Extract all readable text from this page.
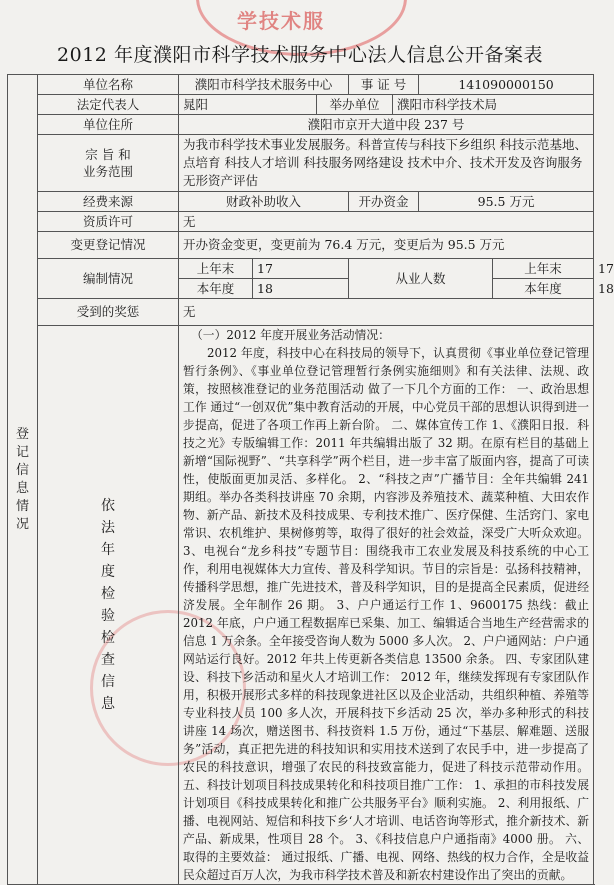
学技术服
2012 年度濮阳市科学技术服务中心法人信息公开备案表
登记信息情况	单位名称	濮阳市科学技术服务中心			事 证 号		141090000150		
	法定代表人	晁阳		举办单位		濮阳市科学技术局			
	单位住所	濮阳市京开大道中段 237 号							

	宗 旨 和
业务范围	为我市科学技术事业发展服务。科普宣传与科技下乡组织 科技示范基地、点培育 科技人才培训 科技服务网络建设 技术中介、技术开发及咨询服务 无形资产评估							
	经费来源	财政补助收入			开办资金		95.5 万元		
	资质许可	无							
	变更登记情况	开办资金变更，变更前为 76.4 万元，变更后为 95.5 万元							
	编制情况	上年末	17		从业人数			上年末	17
		本年度	18					本年度	18
	受到的奖惩	无							

	依法年度检验检查信息	（一）2012 年度开展业务活动情况：

2012 年度，科技中心在科技局的领导下，认真贯彻《事业单位登记管理暂行条例》、《事业单位登记管理暂行条例实施细则》和有关法律、法规、政策，按照核准登记的业务范围活动 做了一下几个方面的工作： 一、政治思想工作 通过“一创双优”集中教育活动的开展，中心党员干部的思想认识得到进一步提高，促进了各项工作再上新台阶。 二、媒体宣传工作 1、《濮阳日报．科技之光》专版编辑工作：2011 年共编辑出版了 32 期。在原有栏目的基础上新增“国际视野”、“共享科学”两个栏目，进一步丰富了版面内容，提高了可读性，使版面更加灵活、多样化。 2、“科技之声”广播节目：全年共编辑 241 期组。举办各类科技讲座 70 余期，内容涉及养殖技术、蔬菜种植、大田农作物、新产品、新技术及科技成果、专利技术推广、医疗保健、生活窍门、家电常识、农机维护、果树修剪等，取得了很好的社会效益，深受广大听众欢迎。 3、电视台“龙乡科技”专题节目：围绕我市工农业发展及科技系统的中心工作，利用电视媒体大力宣传、普及科学知识。节目的宗旨是：弘扬科技精神，传播科学思想，推广先进技术，普及科学知识，目的是提高全民素质，促进经济发展。全年制作 26 期。 3、户户通运行工作 1、9600175 热线：截止 2012 年底，户户通工程数据库已采集、加工、编辑适合当地生产经营需求的信息 1 万余条。全年接受咨询人数为 5000 多人次。 2、户户通网站：户户通网站运行良好。2012 年共上传更新各类信息 13500 余条。 四、专家团队建设、科技下乡活动和星火人才培训工作： 2012 年，继续发挥现有专家团队作用，积极开展形式多样的科技现象进社区以及企业活动，共组织种植、养殖等专业科技人员 100 多人次，开展科技下乡活动 25 次，举办多种形式的科技讲座 14 场次，赠送图书、科技资料 1.5 万份，通过“下基层、解难题、送服务”活动，真正把先进的科技知识和实用技术送到了农民手中，进一步提高了农民的科技意识，增强了农民的科技致富能力，促进了科技示范带动作用。 五、科技计划项目科技成果转化和科技项目推广工作： 1、承担的市科技发展计划项目《科技成果转化和推广公共服务平台》顺利实施。 2、利用报纸、广播、电视网站、短信和科技下乡‘人才培训、电话咨询等形式，推介新技术、新产品、新成果，性项目 28 个。 3、《科技信息户户通指南》4000 册。 六、取得的主要效益： 通过报纸、广播、电视、网络、热线的权力合作，全是收益民众超过百万人次，为我市科学技术普及和新农村建设作出了突出的贡献。							
